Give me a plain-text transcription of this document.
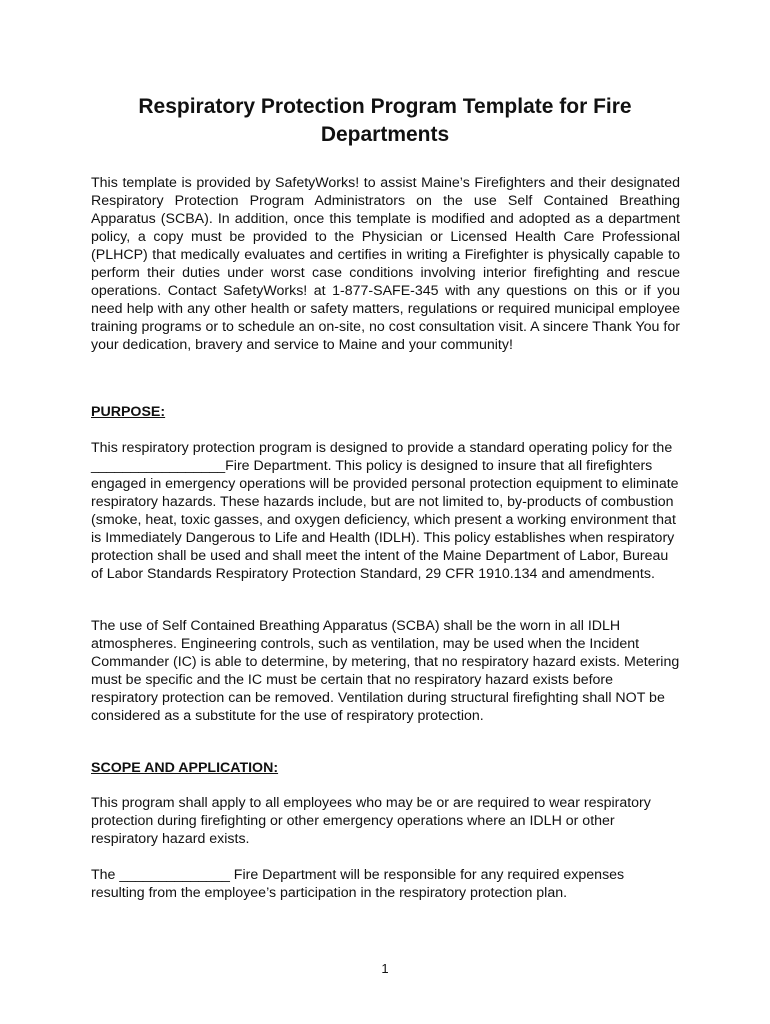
Respiratory Protection Program Template for Fire Departments

This template is provided by SafetyWorks! to assist Maine’s Firefighters and their designated Respiratory Protection Program Administrators on the use Self Contained Breathing Apparatus (SCBA). In addition, once this template is modified and adopted as a department policy, a copy must be provided to the Physician or Licensed Health Care Professional (PLHCP) that medically evaluates and certifies in writing a Firefighter is physically capable to perform their duties under worst case conditions involving interior firefighting and rescue operations. Contact SafetyWorks! at 1-877-SAFE-345 with any questions on this or if you need help with any other health or safety matters, regulations or required municipal employee training programs or to schedule an on-site, no cost consultation visit. A sincere Thank You for your dedication, bravery and service to Maine and your community!

PURPOSE:

This respiratory protection program is designed to provide a standard operating policy for the _________________Fire Department. This policy is designed to insure that all firefighters engaged in emergency operations will be provided personal protection equipment to eliminate respiratory hazards. These hazards include, but are not limited to, by-products of combustion (smoke, heat, toxic gasses, and oxygen deficiency, which present a working environment that is Immediately Dangerous to Life and Health (IDLH). This policy establishes when respiratory protection shall be used and shall meet the intent of the Maine Department of Labor, Bureau of Labor Standards Respiratory Protection Standard, 29 CFR 1910.134 and amendments.

The use of Self Contained Breathing Apparatus (SCBA) shall be the worn in all IDLH atmospheres. Engineering controls, such as ventilation, may be used when the Incident Commander (IC) is able to determine, by metering, that no respiratory hazard exists. Metering must be specific and the IC must be certain that no respiratory hazard exists before respiratory protection can be removed. Ventilation during structural firefighting shall NOT be considered as a substitute for the use of respiratory protection.

SCOPE AND APPLICATION:

This program shall apply to all employees who may be or are required to wear respiratory protection during firefighting or other emergency operations where an IDLH or other respiratory hazard exists.

The ______________ Fire Department will be responsible for any required expenses resulting from the employee’s participation in the respiratory protection plan.

1
